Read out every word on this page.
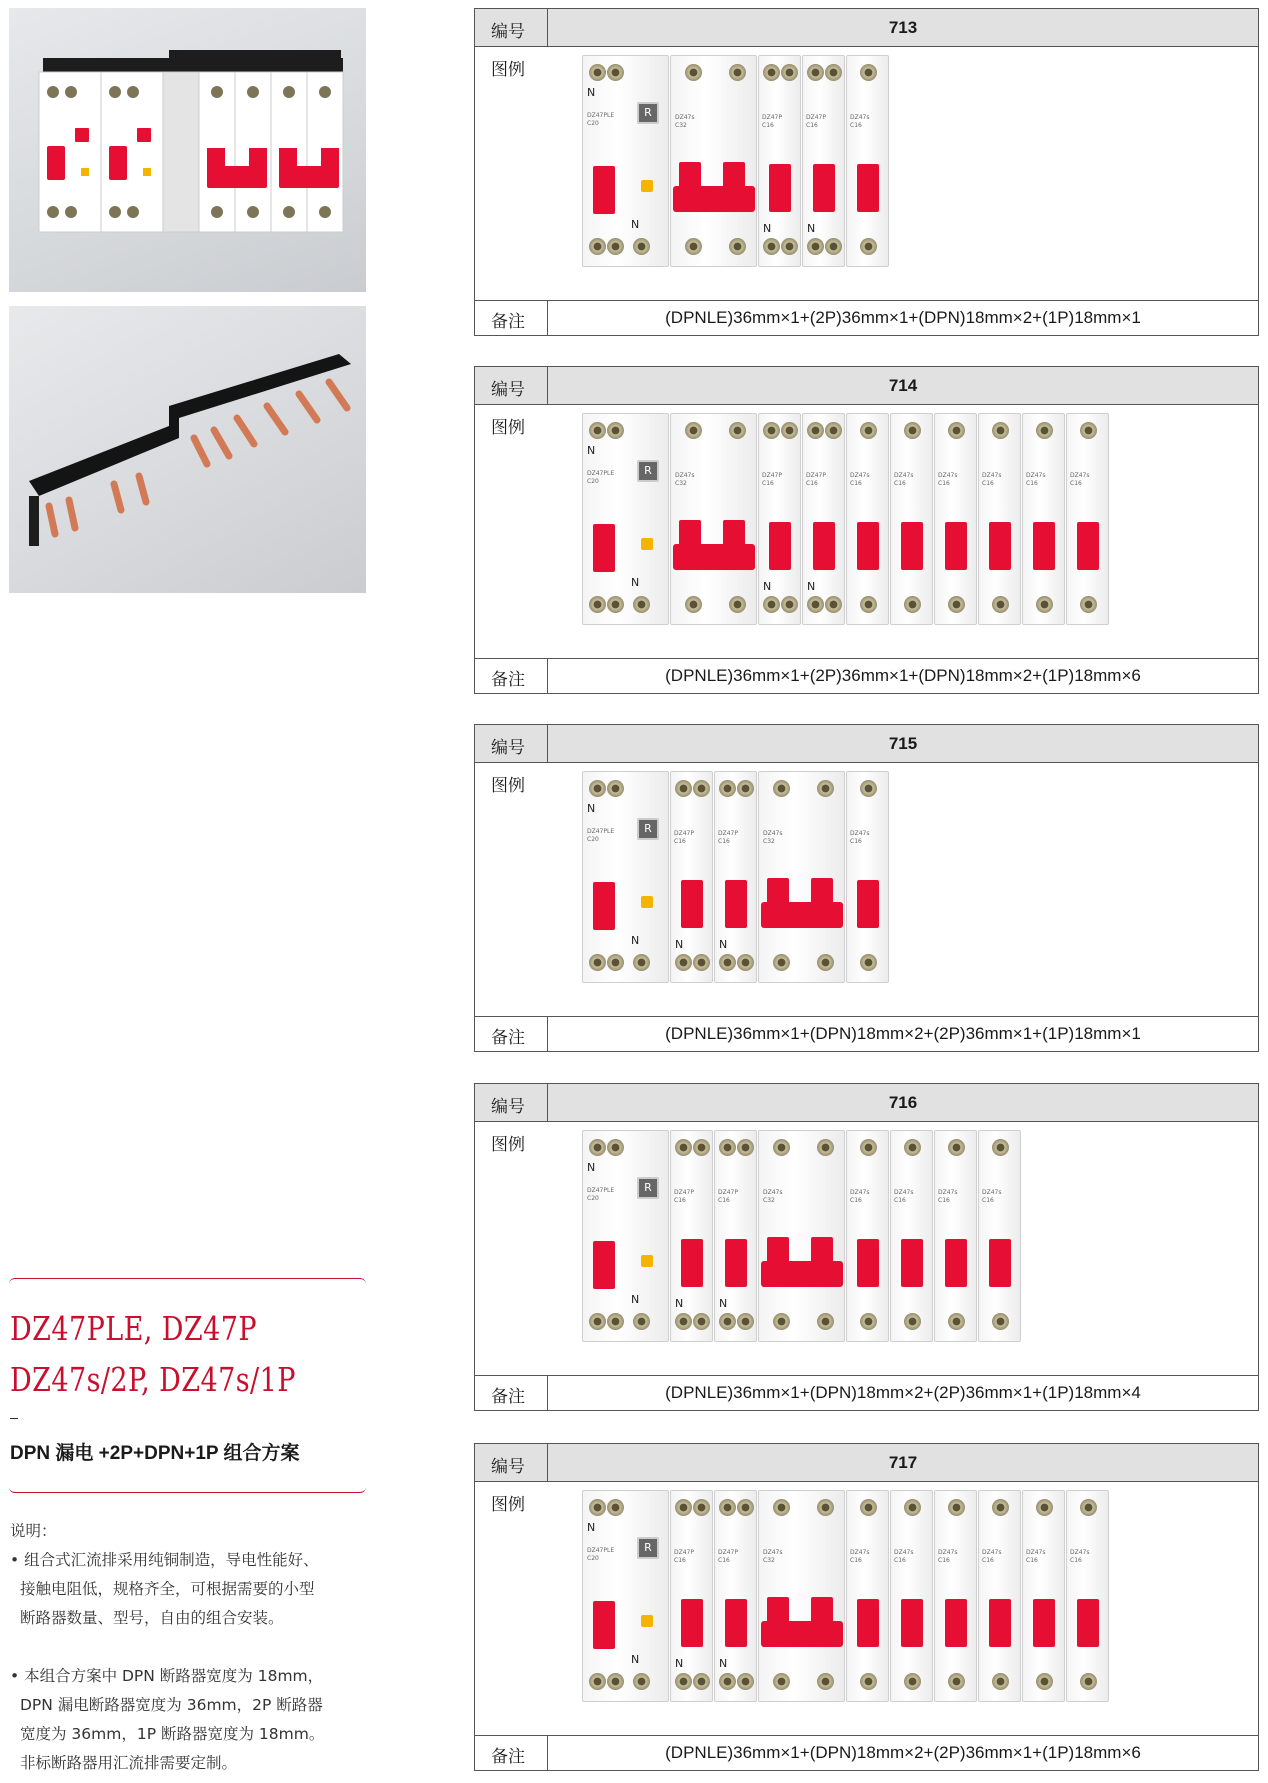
DZ47PLE, DZ47P
DZ47s/2P, DZ47s/1P
DPN 漏电 +2P+DPN+1P 组合方案

说明：

• 组合式汇流排采用纯铜制造，导电性能好、

接触电阻低，规格齐全，可根据需要的小型

断路器数量、型号，自由的组合安装。

• 本组合方案中 DPN 断路器宽度为 18mm，

DPN 漏电断路器宽度为 36mm，2P 断路器

宽度为 36mm，1P 断路器宽度为 18mm。

非标断路器用汇流排需要定制。

编号	713
图例
N
DZ47PLE
C20
R
N
DZ47s
C32
DZ47P
C16
N
DZ47P
C16
N
DZ47s
C16
备注	(DPNLE)36mm×1+(2P)36mm×1+(DPN)18mm×2+(1P)18mm×1
编号	714
图例
N
DZ47PLE
C20
R
N
DZ47s
C32
DZ47P
C16
N
DZ47P
C16
N
DZ47s
C16
DZ47s
C16
DZ47s
C16
DZ47s
C16
DZ47s
C16
DZ47s
C16
备注	(DPNLE)36mm×1+(2P)36mm×1+(DPN)18mm×2+(1P)18mm×6
编号	715
图例
N
DZ47PLE
C20
R
N
DZ47P
C16
N
DZ47P
C16
N
DZ47s
C32
DZ47s
C16
备注	(DPNLE)36mm×1+(DPN)18mm×2+(2P)36mm×1+(1P)18mm×1
编号	716
图例
N
DZ47PLE
C20
R
N
DZ47P
C16
N
DZ47P
C16
N
DZ47s
C32
DZ47s
C16
DZ47s
C16
DZ47s
C16
DZ47s
C16
备注	(DPNLE)36mm×1+(DPN)18mm×2+(2P)36mm×1+(1P)18mm×4
编号	717
图例
N
DZ47PLE
C20
R
N
DZ47P
C16
N
DZ47P
C16
N
DZ47s
C32
DZ47s
C16
DZ47s
C16
DZ47s
C16
DZ47s
C16
DZ47s
C16
DZ47s
C16
备注	(DPNLE)36mm×1+(DPN)18mm×2+(2P)36mm×1+(1P)18mm×6
